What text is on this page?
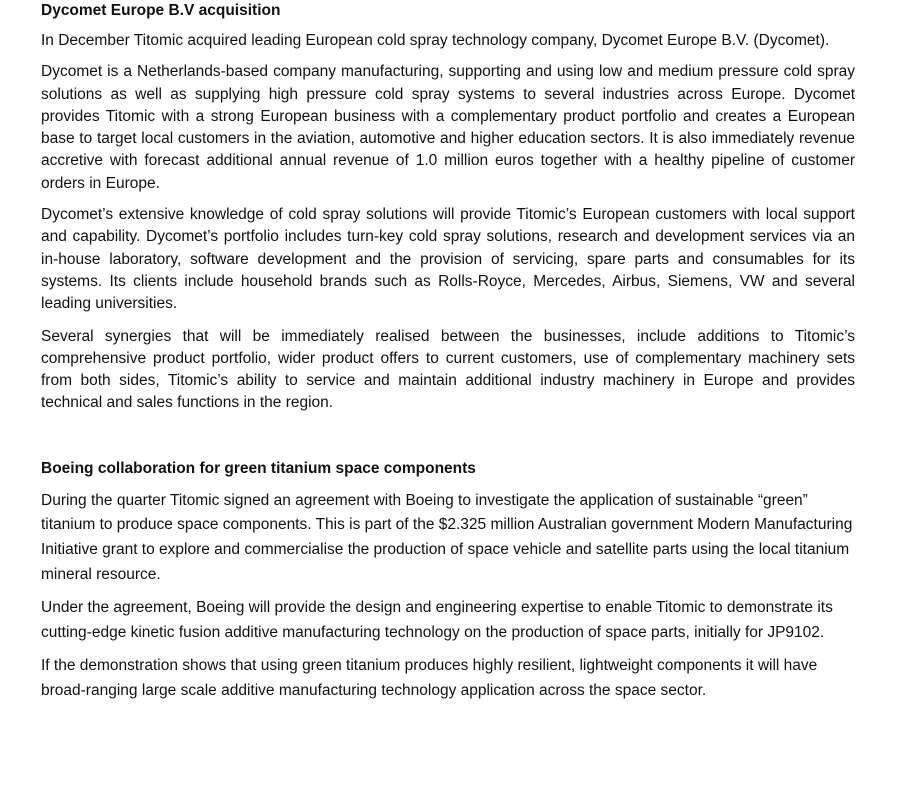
Dycomet Europe B.V acquisition

In December Titomic acquired leading European cold spray technology company, Dycomet Europe B.V. (Dycomet).

Dycomet is a Netherlands-based company manufacturing, supporting and using low and medium pressure cold spray solutions as well as supplying high pressure cold spray systems to several industries across Europe. Dycomet provides Titomic with a strong European business with a complementary product portfolio and creates a European base to target local customers in the aviation, automotive and higher education sectors. It is also immediately revenue accretive with forecast additional annual revenue of 1.0 million euros together with a healthy pipeline of customer orders in Europe.

Dycomet’s extensive knowledge of cold spray solutions will provide Titomic’s European customers with local support and capability. Dycomet’s portfolio includes turn-key cold spray solutions, research and development services via an in-house laboratory, software development and the provision of servicing, spare parts and consumables for its systems. Its clients include household brands such as Rolls-Royce, Mercedes, Airbus, Siemens, VW and several leading universities.

Several synergies that will be immediately realised between the businesses, include additions to Titomic’s comprehensive product portfolio, wider product offers to current customers, use of complementary machinery sets from both sides, Titomic’s ability to service and maintain additional industry machinery in Europe and provides technical and sales functions in the region.

Boeing collaboration for green titanium space components

During the quarter Titomic signed an agreement with Boeing to investigate the application of sustainable “green” titanium to produce space components. This is part of the $2.325 million Australian government Modern Manufacturing Initiative grant to explore and commercialise the production of space vehicle and satellite parts using the local titanium mineral resource.

Under the agreement, Boeing will provide the design and engineering expertise to enable Titomic to demonstrate its cutting-edge kinetic fusion additive manufacturing technology on the production of space parts, initially for JP9102.

If the demonstration shows that using green titanium produces highly resilient, lightweight components it will have broad-ranging large scale additive manufacturing technology application across the space sector.
